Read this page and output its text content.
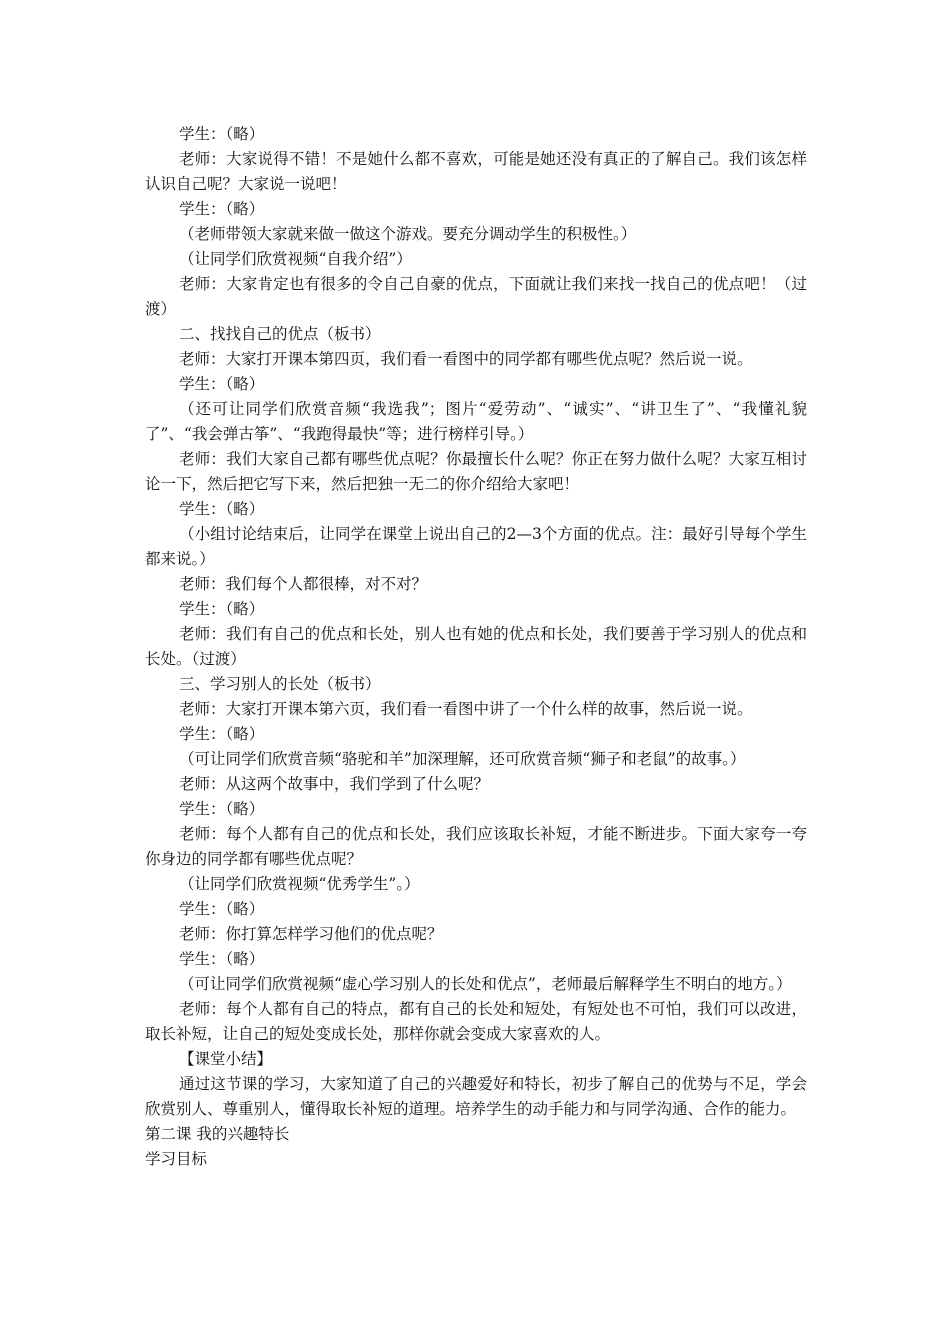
学生：（略）

老师：大家说得不错！不是她什么都不喜欢，可能是她还没有真正的了解自己。我们该怎样认识自己呢？大家说一说吧！

学生：（略）

（老师带领大家就来做一做这个游戏。要充分调动学生的积极性。）

（让同学们欣赏视频“自我介绍”）

老师：大家肯定也有很多的令自己自豪的优点，下面就让我们来找一找自己的优点吧！（过渡）

二、找找自己的优点（板书）

老师：大家打开课本第四页，我们看一看图中的同学都有哪些优点呢？然后说一说。

学生：（略）

（还可让同学们欣赏音频“我选我”；图片“爱劳动”、“诚实”、“讲卫生了”、“我懂礼貌了”、“我会弹古筝”、“我跑得最快”等；进行榜样引导。）

老师：我们大家自己都有哪些优点呢？你最擅长什么呢？你正在努力做什么呢？大家互相讨论一下，然后把它写下来，然后把独一无二的你介绍给大家吧！

学生：（略）

（小组讨论结束后，让同学在课堂上说出自己的2—3个方面的优点。注：最好引导每个学生都来说。）

老师：我们每个人都很棒，对不对？

学生：（略）

老师：我们有自己的优点和长处，别人也有她的优点和长处，我们要善于学习别人的优点和长处。（过渡）

三、学习别人的长处（板书）

老师：大家打开课本第六页，我们看一看图中讲了一个什么样的故事，然后说一说。

学生：（略）

（可让同学们欣赏音频“骆驼和羊”加深理解，还可欣赏音频“狮子和老鼠”的故事。）

老师：从这两个故事中，我们学到了什么呢？

学生：（略）

老师：每个人都有自己的优点和长处，我们应该取长补短，才能不断进步。下面大家夸一夸你身边的同学都有哪些优点呢？

（让同学们欣赏视频“优秀学生”。）

学生：（略）

老师：你打算怎样学习他们的优点呢？

学生：（略）

（可让同学们欣赏视频“虚心学习别人的长处和优点”，老师最后解释学生不明白的地方。）

老师：每个人都有自己的特点，都有自己的长处和短处，有短处也不可怕，我们可以改进，取长补短，让自己的短处变成长处，那样你就会变成大家喜欢的人。

【课堂小结】

通过这节课的学习，大家知道了自己的兴趣爱好和特长，初步了解自己的优势与不足，学会欣赏别人、尊重别人，懂得取长补短的道理。培养学生的动手能力和与同学沟通、合作的能力。

第二课 我的兴趣特长

学习目标
